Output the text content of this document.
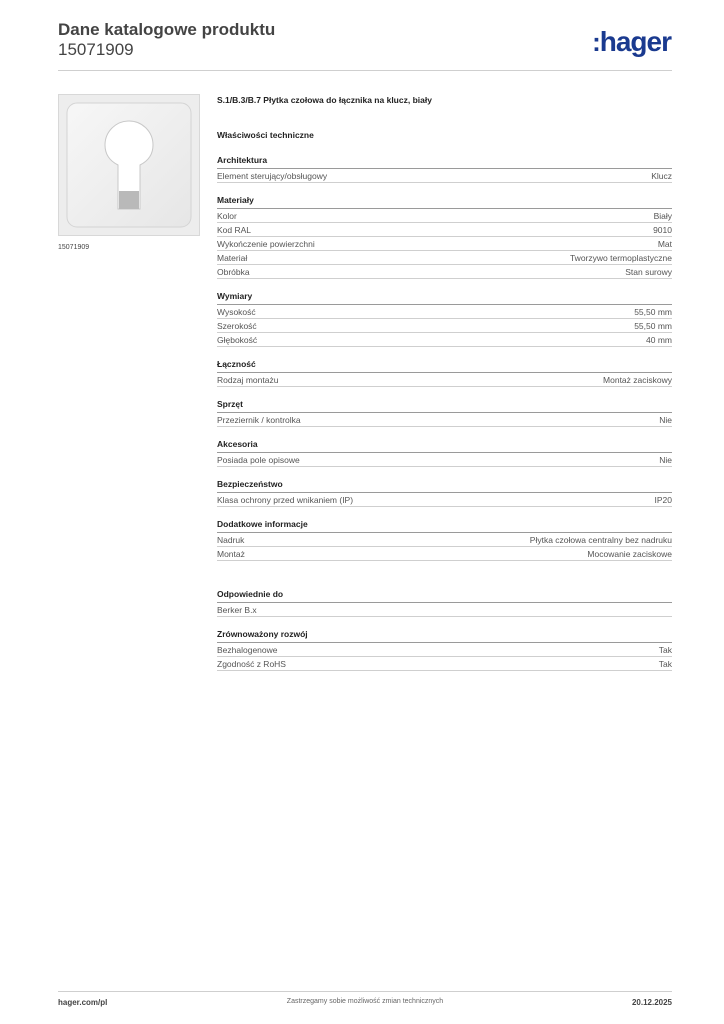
Dane katalogowe produktu
15071909	:hager
15071909
S.1/B.3/B.7 Płytka czołowa do łącznika na klucz, biały
Właściwości techniczne
Architektura
Element sterujący/obsługowy	Klucz
Materiały
Kolor	Biały
Kod RAL	9010
Wykończenie powierzchni	Mat
Materiał	Tworzywo termoplastyczne
Obróbka	Stan surowy
Wymiary
Wysokość	55,50 mm
Szerokość	55,50 mm
Głębokość	40 mm
Łączność
Rodzaj montażu	Montaż zaciskowy
Sprzęt
Przeziernik / kontrolka	Nie
Akcesoria
Posiada pole opisowe	Nie
Bezpieczeństwo
Klasa ochrony przed wnikaniem (IP)	IP20
Dodatkowe informacje
Nadruk	Płytka czołowa centralny bez nadruku
Montaż	Mocowanie zaciskowe
Odpowiednie do
Berker B.x
Zrównoważony rozwój
Bezhalogenowe	Tak
Zgodność z RoHS	Tak
hager.com/pl	Zastrzegamy sobie możliwość zmian technicznych	20.12.2025
